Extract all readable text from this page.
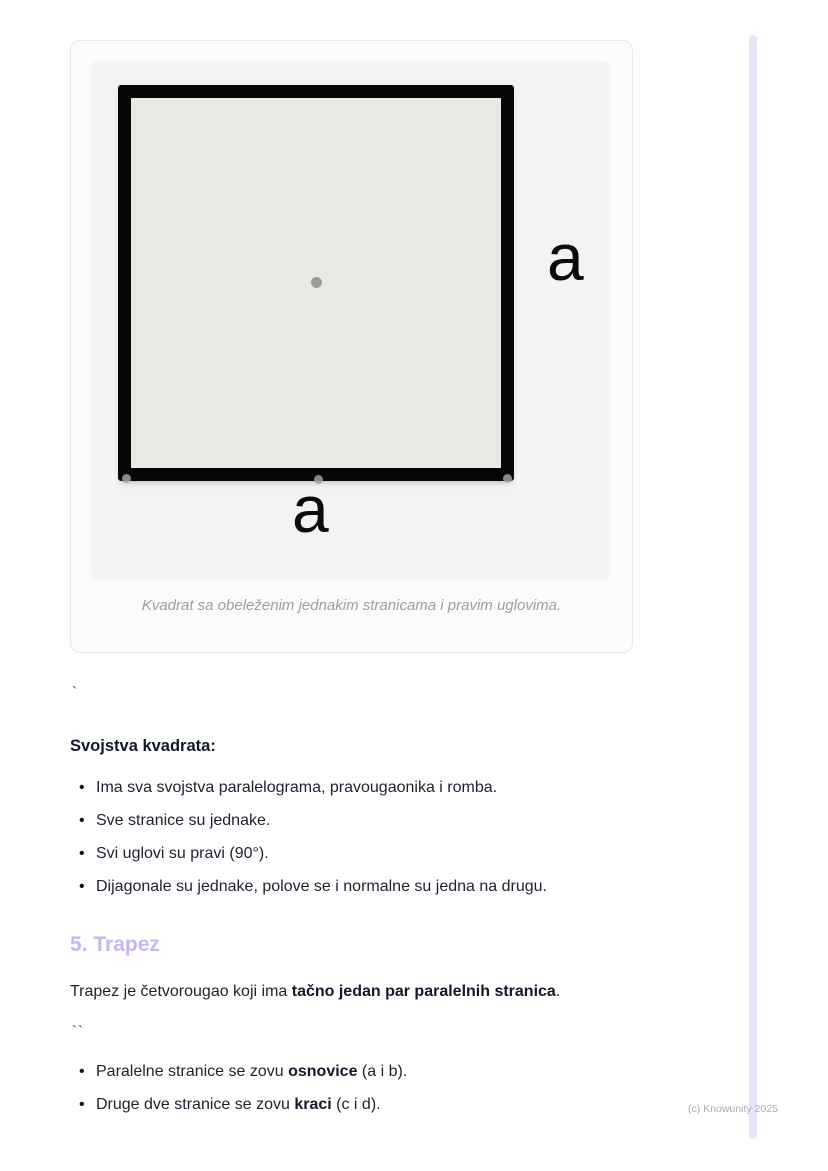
a
a
Kvadrat sa obeleženim jednakim stranicama i pravim uglovima.
`
Svojstva kvadrata:
• Ima sva svojstva paralelograma, pravougaonika i romba.
• Sve stranice su jednake.
• Svi uglovi su pravi (90°).
• Dijagonale su jednake, polove se i normalne su jedna na drugu.
5. Trapez

Trapez je četvorougao koji ima tačno jedan par paralelnih stranica.

``
• Paralelne stranice se zovu osnovice (a i b).
• Druge dve stranice se zovu kraci (c i d).	(c) Knowunity 2025
